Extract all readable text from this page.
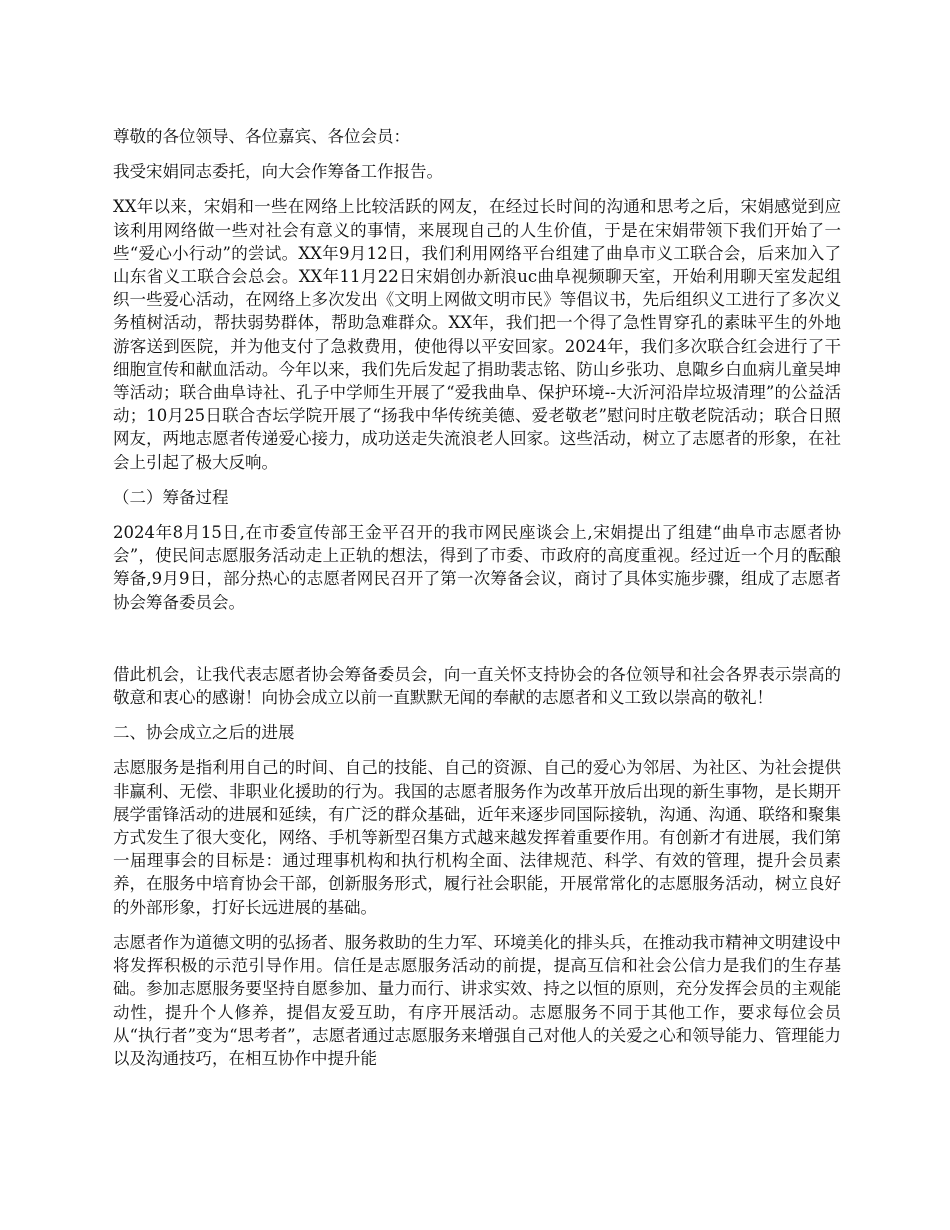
尊敬的各位领导、各位嘉宾、各位会员：

我受宋娟同志委托，向大会作筹备工作报告。

XX年以来，宋娟和一些在网络上比较活跃的网友，在经过长时间的沟通和思考之后，宋娟感觉到应该利用网络做一些对社会有意义的事情，来展现自己的人生价值，于是在宋娟带领下我们开始了一些“爱心小行动”的尝试。XX年9月12日，我们利用网络平台组建了曲阜市义工联合会，后来加入了山东省义工联合会总会。XX年11月22日宋娟创办新浪uc曲阜视频聊天室，开始利用聊天室发起组织一些爱心活动，在网络上多次发出《文明上网做文明市民》等倡议书，先后组织义工进行了多次义务植树活动，帮扶弱势群体，帮助急难群众。XX年，我们把一个得了急性胃穿孔的素昧平生的外地游客送到医院，并为他支付了急救费用，使他得以平安回家。2024年，我们多次联合红会进行了干细胞宣传和献血活动。今年以来，我们先后发起了捐助裴志铭、防山乡张功、息陬乡白血病儿童吴坤等活动；联合曲阜诗社、孔子中学师生开展了“爱我曲阜、保护环境--大沂河沿岸垃圾清理”的公益活动；10月25日联合杏坛学院开展了“扬我中华传统美德、爱老敬老”慰问时庄敬老院活动；联合日照网友，两地志愿者传递爱心接力，成功送走失流浪老人回家。这些活动，树立了志愿者的形象，在社会上引起了极大反响。

（二）筹备过程

2024年8月15日,在市委宣传部王金平召开的我市网民座谈会上,宋娟提出了组建“曲阜市志愿者协会”，使民间志愿服务活动走上正轨的想法，得到了市委、市政府的高度重视。经过近一个月的酝酿筹备,9月9日，部分热心的志愿者网民召开了第一次筹备会议，商讨了具体实施步骤，组成了志愿者协会筹备委员会。

借此机会，让我代表志愿者协会筹备委员会，向一直关怀支持协会的各位领导和社会各界表示崇高的敬意和衷心的感谢！向协会成立以前一直默默无闻的奉献的志愿者和义工致以崇高的敬礼！

二、协会成立之后的进展

志愿服务是指利用自己的时间、自己的技能、自己的资源、自己的爱心为邻居、为社区、为社会提供非赢利、无偿、非职业化援助的行为。我国的志愿者服务作为改革开放后出现的新生事物，是长期开展学雷锋活动的进展和延续，有广泛的群众基础，近年来逐步同国际接轨，沟通、沟通、联络和聚集方式发生了很大变化，网络、手机等新型召集方式越来越发挥着重要作用。有创新才有进展，我们第一届理事会的目标是：通过理事机构和执行机构全面、法律规范、科学、有效的管理，提升会员素养，在服务中培育协会干部，创新服务形式，履行社会职能，开展常常化的志愿服务活动，树立良好的外部形象，打好长远进展的基础。

志愿者作为道德文明的弘扬者、服务救助的生力军、环境美化的排头兵，在推动我市精神文明建设中将发挥积极的示范引导作用。信任是志愿服务活动的前提，提高互信和社会公信力是我们的生存基础。参加志愿服务要坚持自愿参加、量力而行、讲求实效、持之以恒的原则，充分发挥会员的主观能动性，提升个人修养，提倡友爱互助，有序开展活动。志愿服务不同于其他工作，要求每位会员从“执行者”变为“思考者”，志愿者通过志愿服务来增强自己对他人的关爱之心和领导能力、管理能力以及沟通技巧，在相互协作中提升能
